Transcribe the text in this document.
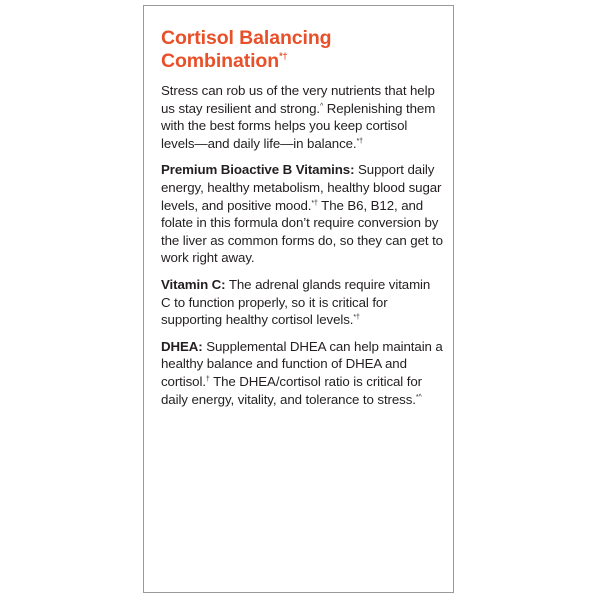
Cortisol Balancing Combination*†

Stress can rob us of the very nutrients that help us stay resilient and strong.^ Replenishing them with the best forms helps you keep cortisol levels—and daily life—in balance.*†

Premium Bioactive B Vitamins: Support daily energy, healthy metabolism, healthy blood sugar levels, and positive mood.*† The B6, B12, and folate in this formula don’t require conversion by the liver as common forms do, so they can get to work right away.

Vitamin C: The adrenal glands require vitamin C to function properly, so it is critical for supporting healthy cortisol levels.*†

DHEA: Supplemental DHEA can help maintain a healthy balance and function of DHEA and cortisol.† The DHEA/cortisol ratio is critical for daily energy, vitality, and tolerance to stress.*^
